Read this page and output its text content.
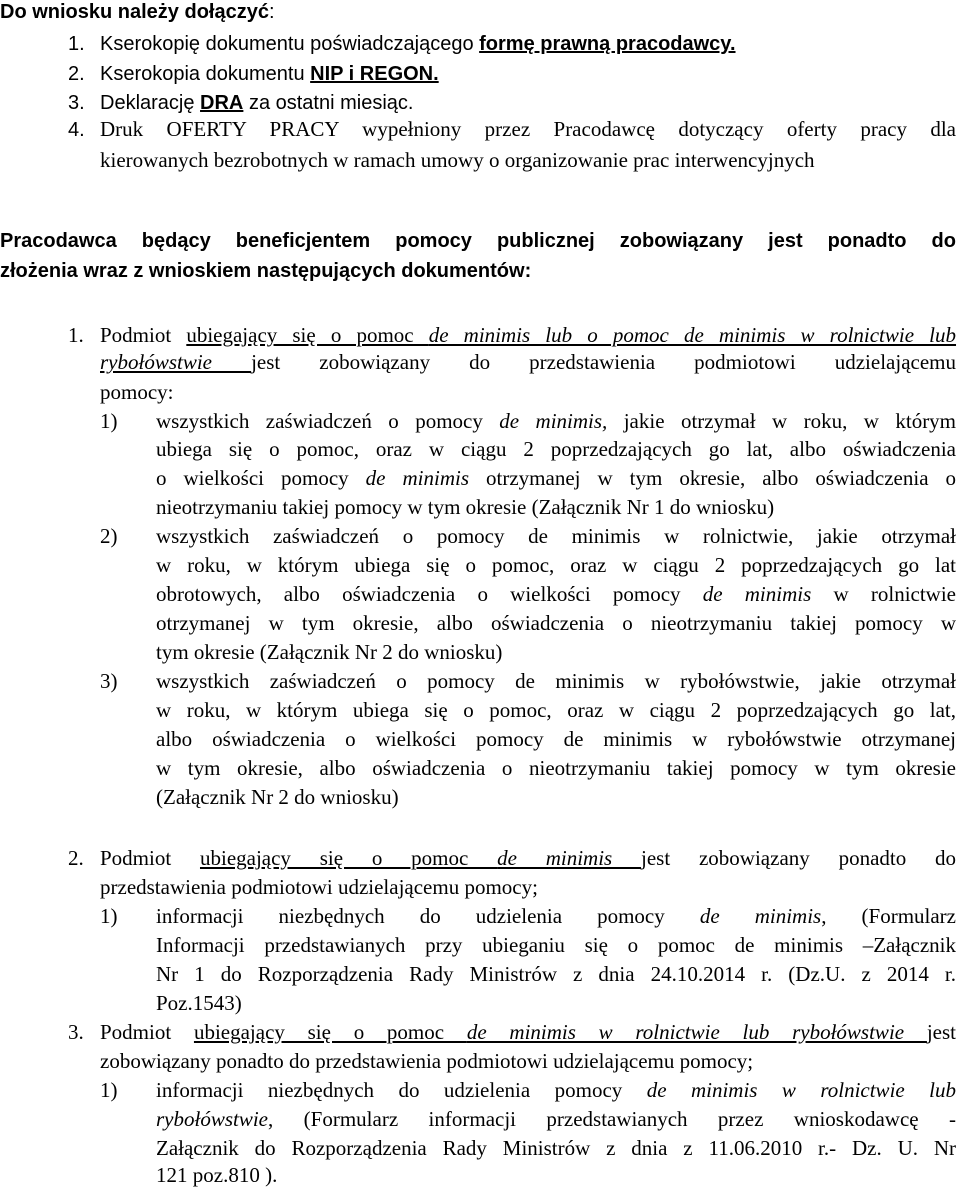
Do wniosku należy dołączyć:
1. Kserokopię dokumentu poświadczającego formę prawną pracodawcy.
2. Kserokopia dokumentu NIP i REGON.
3. Deklarację DRA za ostatni miesiąc.
4. Druk OFERTY PRACY wypełniony przez Pracodawcę dotyczący oferty pracy dla
kierowanych bezrobotnych w ramach umowy o organizowanie prac interwencyjnych
Pracodawca będący beneficjentem pomocy publicznej zobowiązany jest ponadto do
złożenia wraz z wnioskiem następujących dokumentów:
1. Podmiot ubiegający się o pomoc de minimis lub o pomoc de minimis w rolnictwie lub
rybołówstwie jest zobowiązany do przedstawienia podmiotowi udzielającemu
pomocy:
1) wszystkich zaświadczeń o pomocy de minimis, jakie otrzymał w roku, w którym
ubiega się o pomoc, oraz w ciągu 2 poprzedzających go lat, albo oświadczenia
o wielkości pomocy de minimis otrzymanej w tym okresie, albo oświadczenia o
nieotrzymaniu takiej pomocy w tym okresie (Załącznik Nr 1 do wniosku)
2) wszystkich zaświadczeń o pomocy de minimis w rolnictwie, jakie otrzymał
w roku, w którym ubiega się o pomoc, oraz w ciągu 2 poprzedzających go lat
obrotowych, albo oświadczenia o wielkości pomocy de minimis w rolnictwie
otrzymanej w tym okresie, albo oświadczenia o nieotrzymaniu takiej pomocy w
tym okresie (Załącznik Nr 2 do wniosku)
3) wszystkich zaświadczeń o pomocy de minimis w rybołówstwie, jakie otrzymał
w roku, w którym ubiega się o pomoc, oraz w ciągu 2 poprzedzających go lat,
albo oświadczenia o wielkości pomocy de minimis w rybołówstwie otrzymanej
w tym okresie, albo oświadczenia o nieotrzymaniu takiej pomocy w tym okresie
(Załącznik Nr 2 do wniosku)
2. Podmiot ubiegający się o pomoc de minimis jest zobowiązany ponadto do
przedstawienia podmiotowi udzielającemu pomocy;
1) informacji niezbędnych do udzielenia pomocy de minimis, (Formularz
Informacji przedstawianych przy ubieganiu się o pomoc de minimis –Załącznik
Nr 1 do Rozporządzenia Rady Ministrów z dnia 24.10.2014 r. (Dz.U. z 2014 r.
Poz.1543)
3. Podmiot ubiegający się o pomoc de minimis w rolnictwie lub rybołówstwie jest
zobowiązany ponadto do przedstawienia podmiotowi udzielającemu pomocy;
1) informacji niezbędnych do udzielenia pomocy de minimis w rolnictwie lub
rybołówstwie, (Formularz informacji przedstawianych przez wnioskodawcę -
Załącznik do Rozporządzenia Rady Ministrów z dnia z 11.06.2010 r.- Dz. U. Nr
121 poz.810 ).
